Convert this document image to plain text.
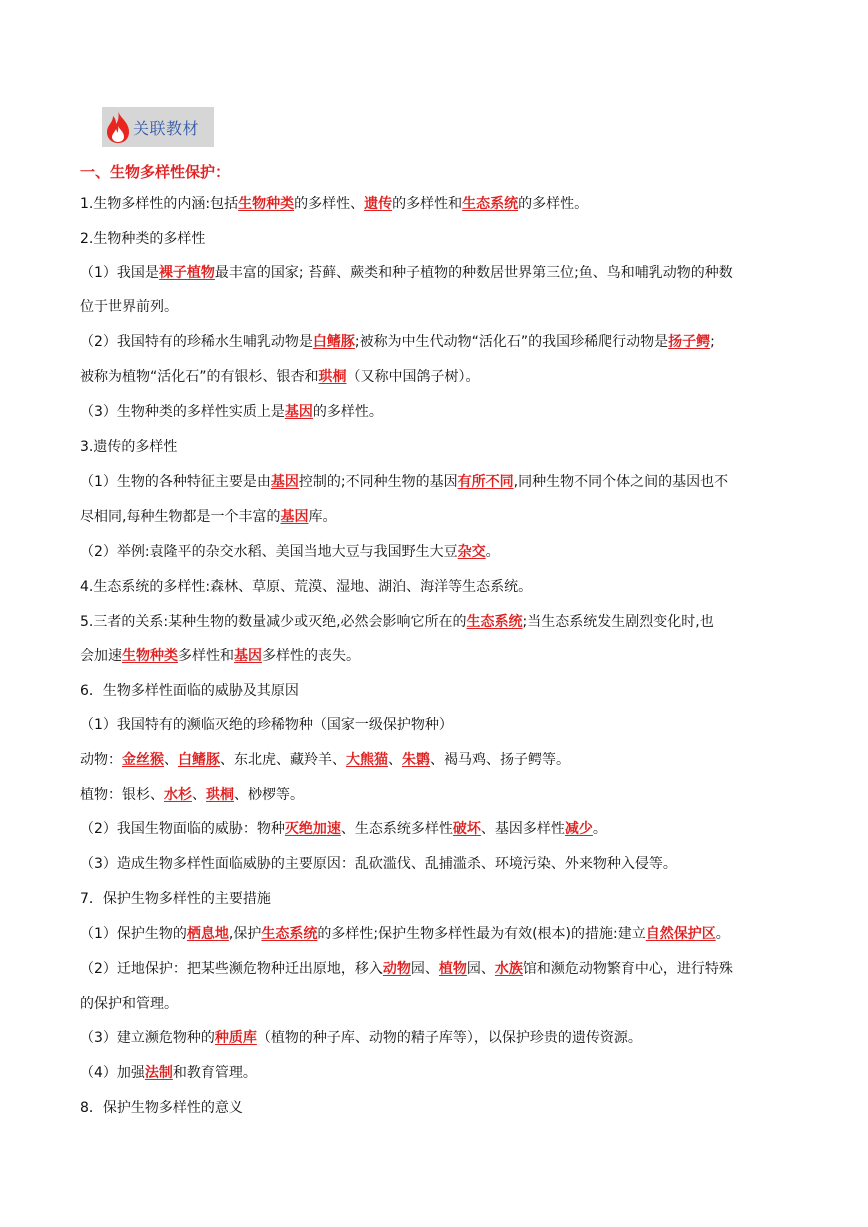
关联教材
一、生物多样性保护：
1.生物多样性的内涵:包括生物种类的多样性、遗传的多样性和生态系统的多样性。
2.生物种类的多样性
（1）我国是裸子植物最丰富的国家; 苔藓、蕨类和种子植物的种数居世界第三位;鱼、鸟和哺乳动物的种数
位于世界前列。
（2）我国特有的珍稀水生哺乳动物是白鳍豚;被称为中生代动物“活化石”的我国珍稀爬行动物是扬子鳄;
被称为植物“活化石”的有银杉、银杏和珙桐（又称中国鸽子树）。
（3）生物种类的多样性实质上是基因的多样性。
3.遗传的多样性
（1）生物的各种特征主要是由基因控制的;不同种生物的基因有所不同,同种生物不同个体之间的基因也不
尽相同,每种生物都是一个丰富的基因库。
（2）举例:袁隆平的杂交水稻、美国当地大豆与我国野生大豆杂交。
4.生态系统的多样性:森林、草原、荒漠、湿地、湖泊、海洋等生态系统。
5.三者的关系:某种生物的数量减少或灭绝,必然会影响它所在的生态系统;当生态系统发生剧烈变化时,也
会加速生物种类多样性和基因多样性的丧失。
6．生物多样性面临的威胁及其原因
（1）我国特有的濒临灭绝的珍稀物种（国家一级保护物种）
动物：金丝猴、白鳍豚、东北虎、藏羚羊、大熊猫、朱鹮、褐马鸡、扬子鳄等。
植物：银杉、水杉、珙桐、桫椤等。
（2）我国生物面临的威胁：物种灭绝加速、生态系统多样性破坏、基因多样性减少。
（3）造成生物多样性面临威胁的主要原因：乱砍滥伐、乱捕滥杀、环境污染、外来物种入侵等。
7．保护生物多样性的主要措施
（1）保护生物的栖息地,保护生态系统的多样性;保护生物多样性最为有效(根本)的措施:建立自然保护区。
（2）迁地保护：把某些濒危物种迁出原地，移入动物园、植物园、水族馆和濒危动物繁育中心，进行特殊
的保护和管理。
（3）建立濒危物种的种质库（植物的种子库、动物的精子库等），以保护珍贵的遗传资源。
（4）加强法制和教育管理。
8．保护生物多样性的意义
